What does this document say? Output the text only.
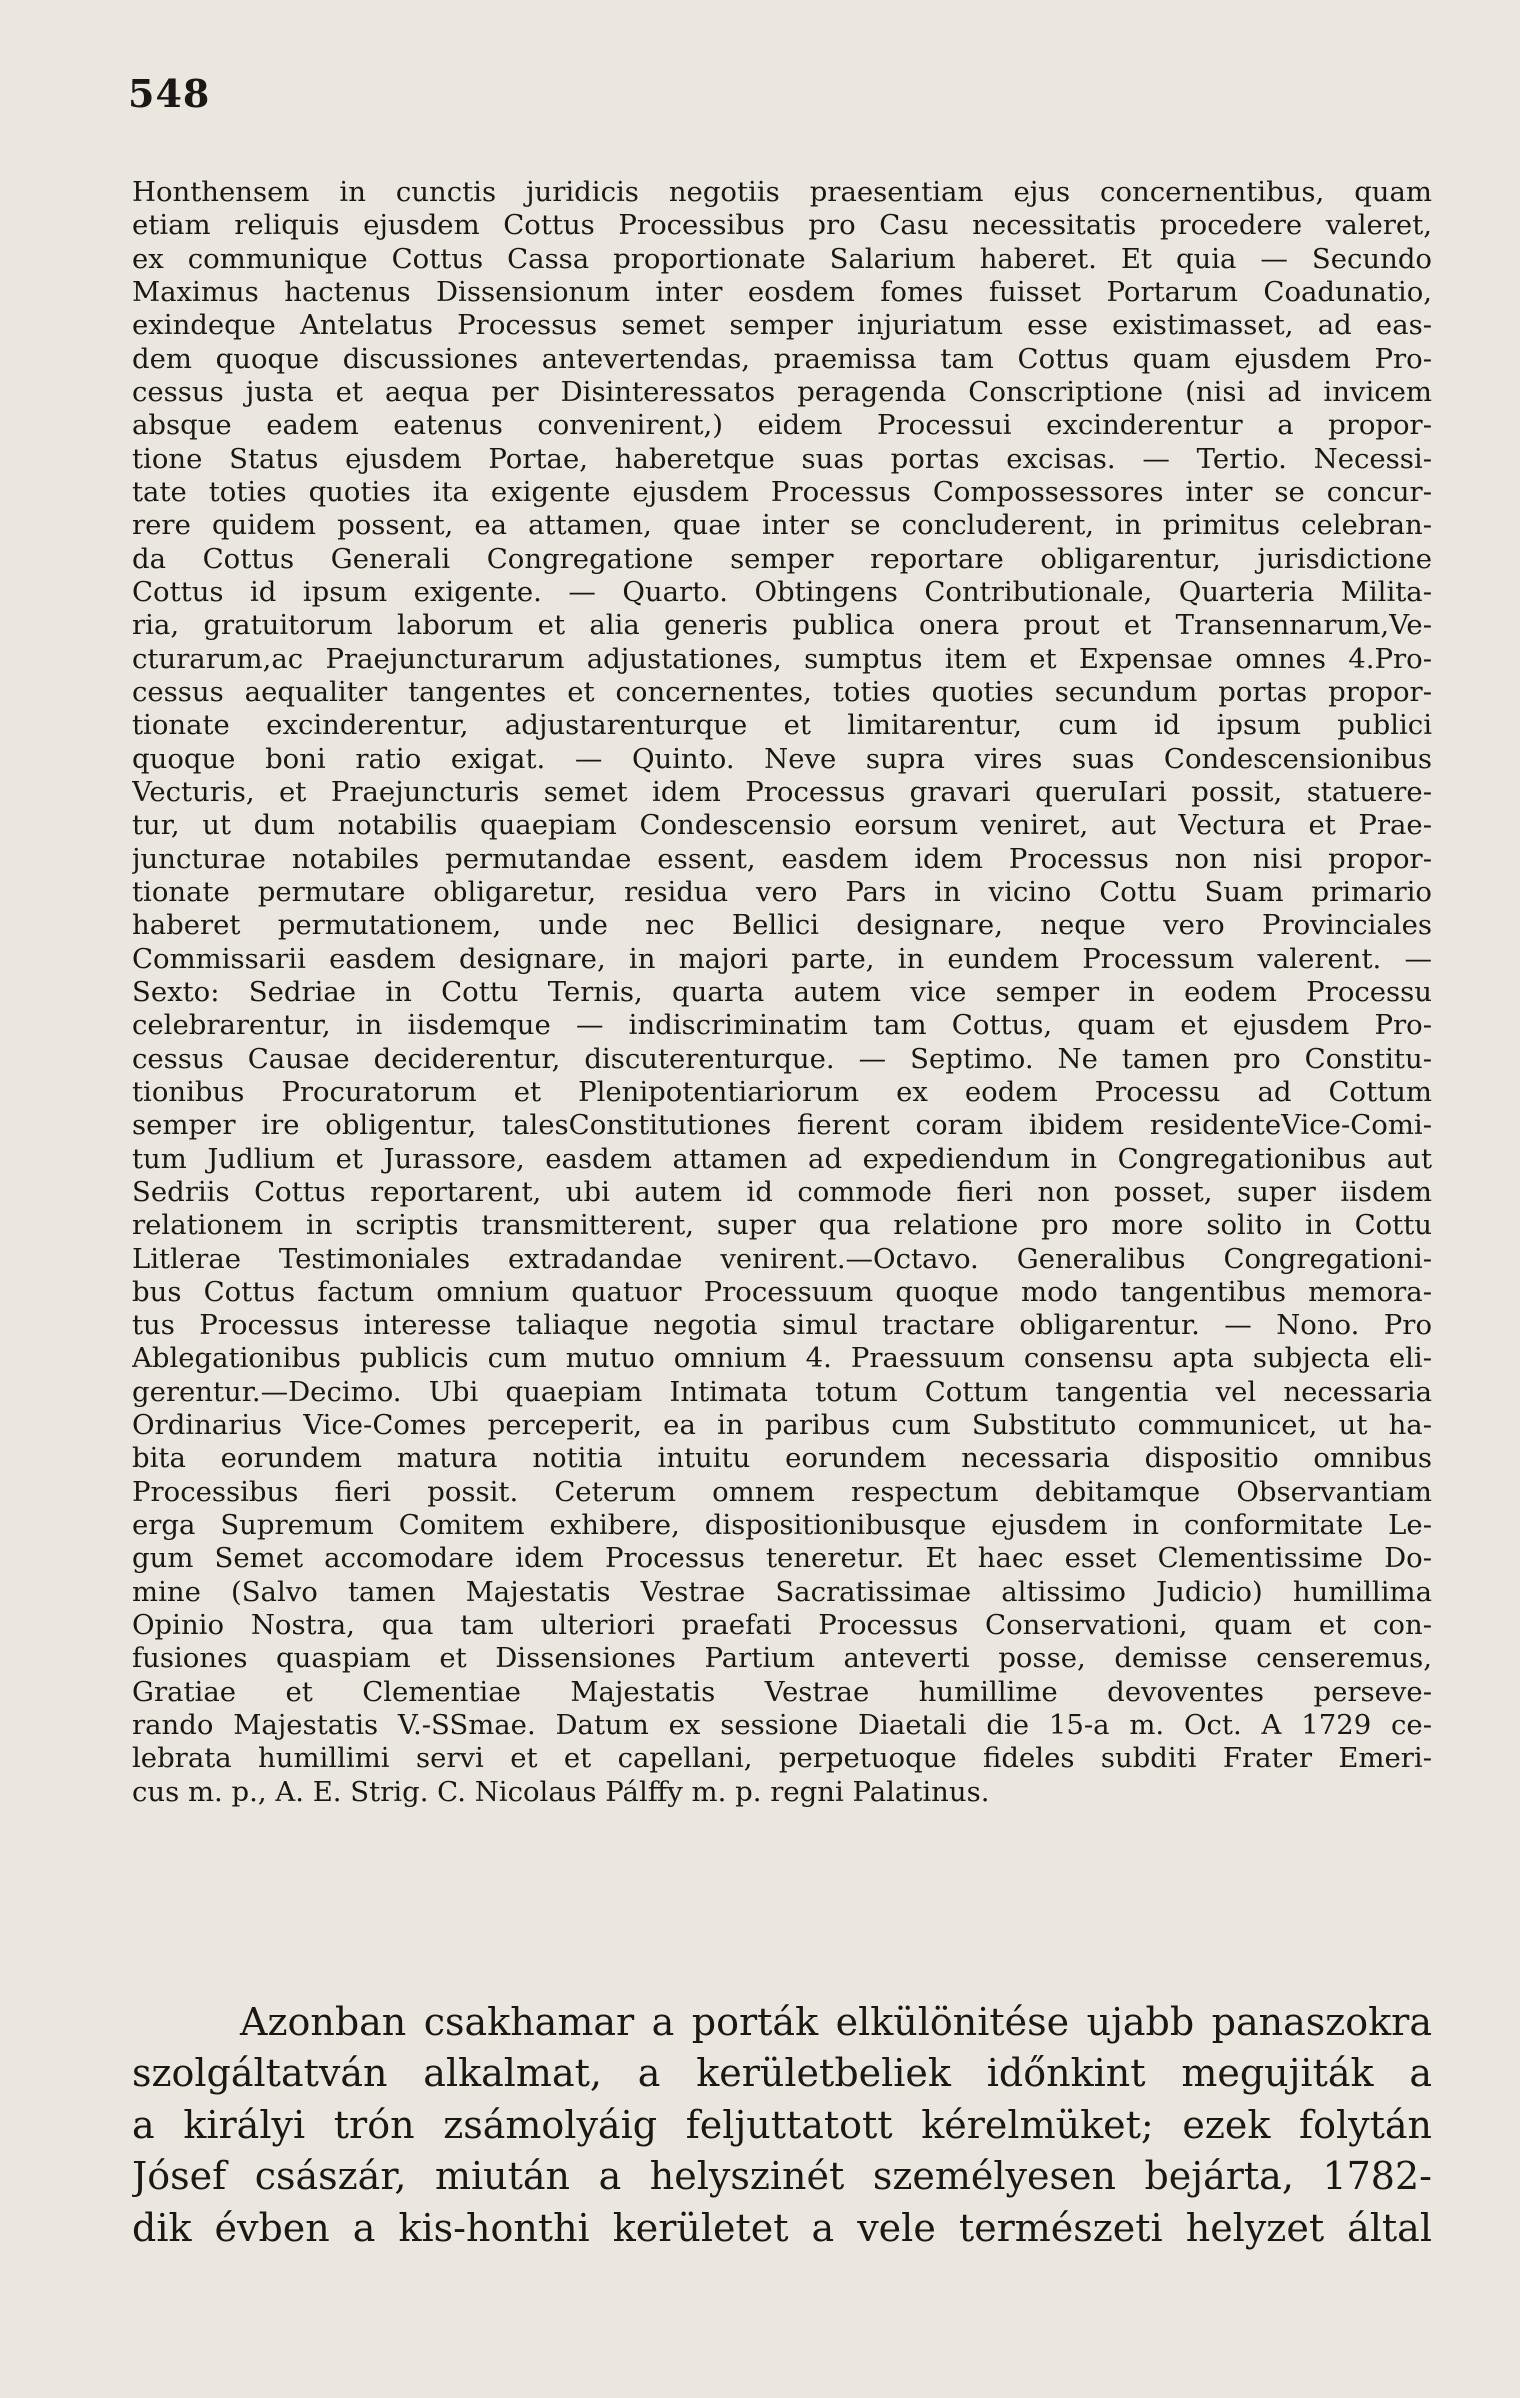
548
Honthensem in cunctis juridicis negotiis praesentiam ejus concernentibus, quam
etiam reliquis ejusdem Cottus Processibus pro Casu necessitatis procedere valeret,
ex communique Cottus Cassa proportionate Salarium haberet. Et quia — Secundo
Maximus hactenus Dissensionum inter eosdem fomes fuisset Portarum Coadunatio,
exindeque Antelatus Processus semet semper injuriatum esse existimasset, ad eas-
dem quoque discussiones antevertendas, praemissa tam Cottus quam ejusdem Pro-
cessus justa et aequa per Disinteressatos peragenda Conscriptione (nisi ad invicem
absque eadem eatenus convenirent,) eidem Processui excinderentur a propor-
tione Status ejusdem Portae, haberetque suas portas excisas. — Tertio. Necessi-
tate toties quoties ita exigente ejusdem Processus Compossessores inter se concur-
rere quidem possent, ea attamen, quae inter se concluderent, in primitus celebran-
da Cottus Generali Congregatione semper reportare obligarentur, jurisdictione
Cottus id ipsum exigente. — Quarto. Obtingens Contributionale, Quarteria Milita-
ria, gratuitorum laborum et alia generis publica onera prout et Transennarum,Ve-
cturarum,ac Praejuncturarum adjustationes, sumptus item et Expensae omnes 4.Pro-
cessus aequaliter tangentes et concernentes, toties quoties secundum portas propor-
tionate excinderentur, adjustarenturque et limitarentur, cum id ipsum publici
quoque boni ratio exigat. — Quinto. Neve supra vires suas Condescensionibus
Vecturis, et Praejuncturis semet idem Processus gravari queruIari possit, statuere-
tur, ut dum notabilis quaepiam Condescensio eorsum veniret, aut Vectura et Prae-
juncturae notabiles permutandae essent, easdem idem Processus non nisi propor-
tionate permutare obligaretur, residua vero Pars in vicino Cottu Suam primario
haberet permutationem, unde nec Bellici designare, neque vero Provinciales
Commissarii easdem designare, in majori parte, in eundem Processum valerent. —
Sexto: Sedriae in Cottu Ternis, quarta autem vice semper in eodem Processu
celebrarentur, in iisdemque — indiscriminatim tam Cottus, quam et ejusdem Pro-
cessus Causae deciderentur, discuterenturque. — Septimo. Ne tamen pro Constitu-
tionibus Procuratorum et Plenipotentiariorum ex eodem Processu ad Cottum
semper ire obligentur, talesConstitutiones fierent coram ibidem residenteVice-Comi-
tum Judlium et Jurassore, easdem attamen ad expediendum in Congregationibus aut
Sedriis Cottus reportarent, ubi autem id commode fieri non posset, super iisdem
relationem in scriptis transmitterent, super qua relatione pro more solito in Cottu
Litlerae Testimoniales extradandae venirent.—Octavo. Generalibus Congregationi-
bus Cottus factum omnium quatuor Processuum quoque modo tangentibus memora-
tus Processus interesse taliaque negotia simul tractare obligarentur. — Nono. Pro
Ablegationibus publicis cum mutuo omnium 4. Praessuum consensu apta subjecta eli-
gerentur.—Decimo. Ubi quaepiam Intimata totum Cottum tangentia vel necessaria
Ordinarius Vice-Comes perceperit, ea in paribus cum Substituto communicet, ut ha-
bita eorundem matura notitia intuitu eorundem necessaria dispositio omnibus
Processibus fieri possit. Ceterum omnem respectum debitamque Observantiam
erga Supremum Comitem exhibere, dispositionibusque ejusdem in conformitate Le-
gum Semet accomodare idem Processus teneretur. Et haec esset Clementissime Do-
mine (Salvo tamen Majestatis Vestrae Sacratissimae altissimo Judicio) humillima
Opinio Nostra, qua tam ulteriori praefati Processus Conservationi, quam et con-
fusiones quaspiam et Dissensiones Partium anteverti posse, demisse censeremus,
Gratiae et Clementiae Majestatis Vestrae humillime devoventes perseve-
rando Majestatis V.-SSmae. Datum ex sessione Diaetali die 15-a m. Oct. A 1729 ce-
lebrata humillimi servi et et capellani, perpetuoque fideles subditi Frater Emeri-
cus m. p., A. E. Strig. C. Nicolaus Pálffy m. p. regni Palatinus.
Azonban csakhamar a porták elkülönitése ujabb panaszokra
szolgáltatván alkalmat, a kerületbeliek időnkint megujiták a
a királyi trón zsámolyáig feljuttatott kérelmüket; ezek folytán
Jósef császár, miután a helyszinét személyesen bejárta, 1782-
dik évben a kis-honthi kerületet a vele természeti helyzet által
